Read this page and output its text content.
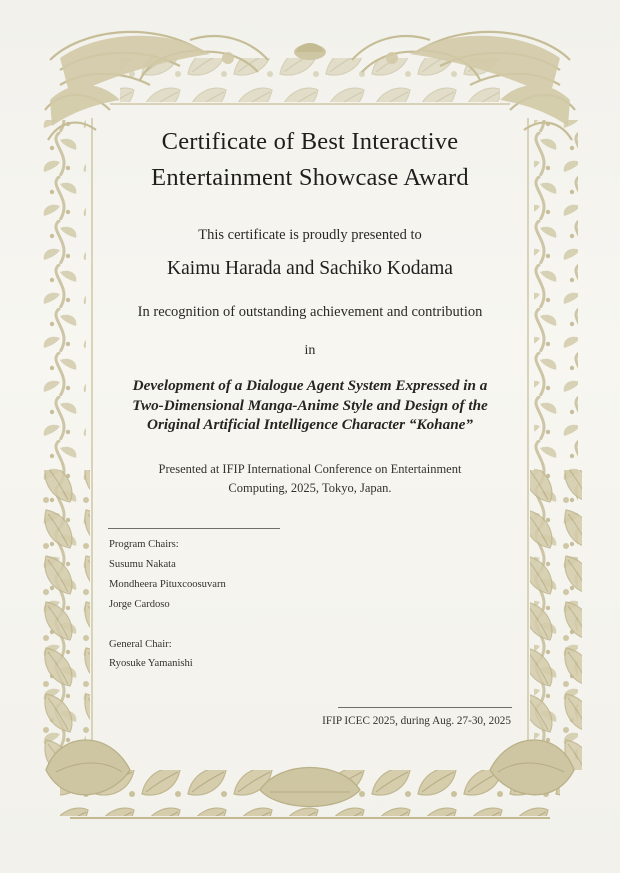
Certificate of Best Interactive
Entertainment Showcase Award
This certificate is proudly presented to
Kaimu Harada and Sachiko Kodama
In recognition of outstanding achievement and contribution
in
Development of a Dialogue Agent System Expressed in a
Two-Dimensional Manga-Anime Style and Design of the
Original Artificial Intelligence Character “Kohane”
Presented at IFIP International Conference on Entertainment
Computing, 2025, Tokyo, Japan.
Program Chairs:
Susumu Nakata
Mondheera Pituxcoosuvarn
Jorge Cardoso
General Chair:
Ryosuke Yamanishi
IFIP ICEC 2025, during Aug. 27-30, 2025
